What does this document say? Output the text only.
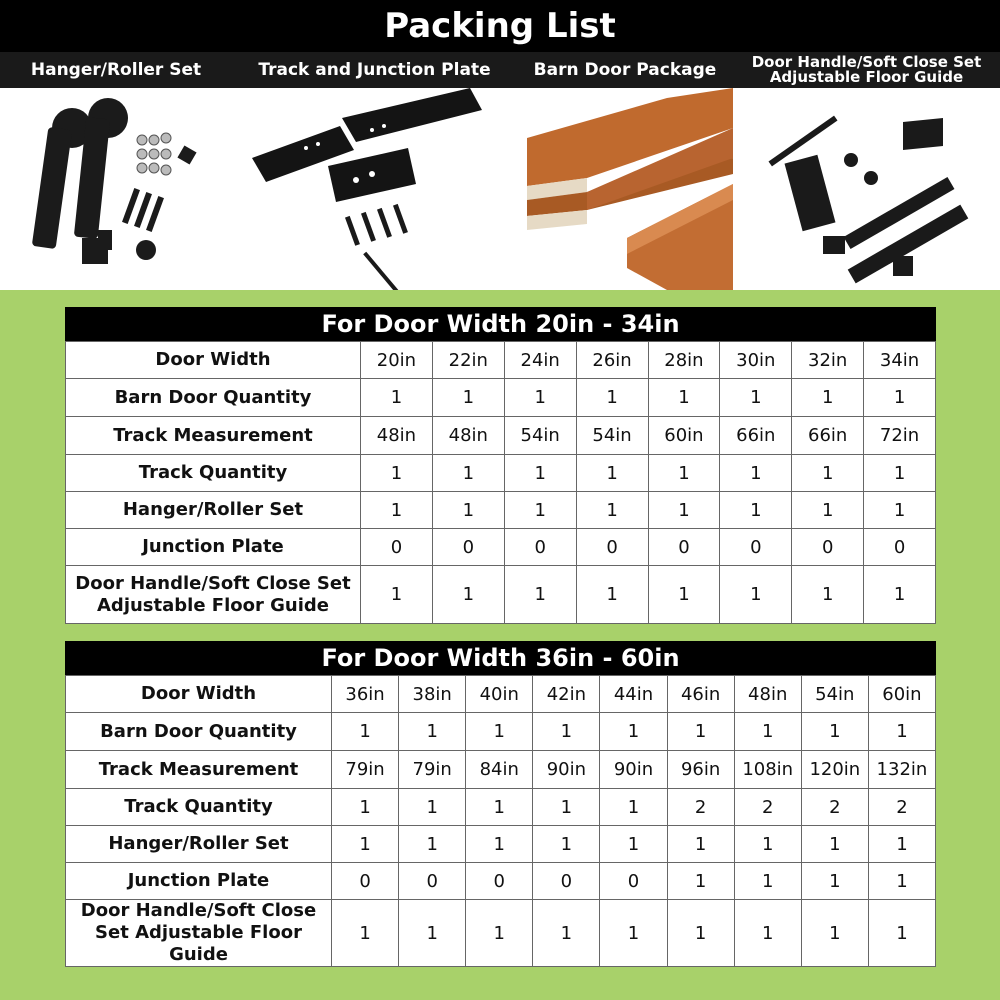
Packing List
Hanger/Roller Set	Track and Junction Plate	Barn Door Package	Door Handle/Soft Close Set Adjustable Floor Guide
For Door Width 20in - 34in
Door Width	20in	22in	24in	26in	28in	30in	32in	34in
Barn Door Quantity	1	1	1	1	1	1	1	1
Track Measurement	48in	48in	54in	54in	60in	66in	66in	72in
Track Quantity	1	1	1	1	1	1	1	1
Hanger/Roller Set	1	1	1	1	1	1	1	1
Junction Plate	0	0	0	0	0	0	0	0
Door Handle/Soft Close Set Adjustable Floor Guide	1	1	1	1	1	1	1	1
For Door Width 36in - 60in
Door Width	36in	38in	40in	42in	44in	46in	48in	54in	60in
Barn Door Quantity	1	1	1	1	1	1	1	1	1
Track Measurement	79in	79in	84in	90in	90in	96in	108in	120in	132in
Track Quantity	1	1	1	1	1	2	2	2	2
Hanger/Roller Set	1	1	1	1	1	1	1	1	1
Junction Plate	0	0	0	0	0	1	1	1	1
Door Handle/Soft Close Set Adjustable Floor Guide	1	1	1	1	1	1	1	1	1
